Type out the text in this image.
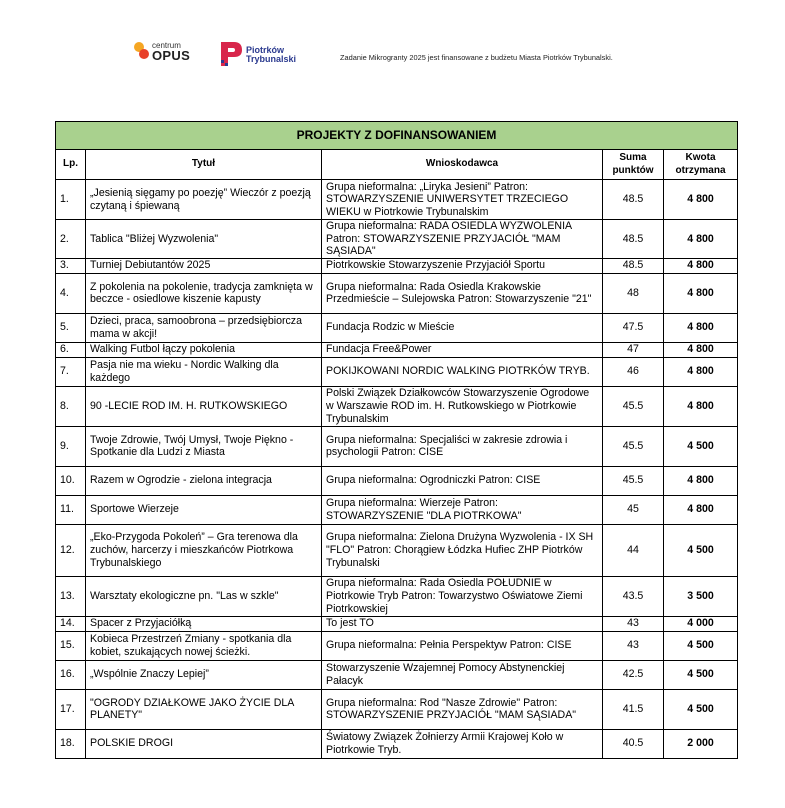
centrum
OPUS	Piotrków
Trybunalski	Zadanie Mikrogranty 2025 jest finansowane z budżetu Miasta Piotrków Trybunalski.
PROJEKTY Z DOFINANSOWANIEM				
Lp.	Tytuł	Wnioskodawca	Suma punktów	Kwota otrzymana
1.	„Jesienią sięgamy po poezję” Wieczór z poezją czytaną i śpiewaną	Grupa nieformalna: „Liryka Jesieni” Patron: STOWARZYSZENIE UNIWERSYTET TRZECIEGO WIEKU w Piotrkowie Trybunalskim	48.5	4 800
2.	Tablica "Bliżej Wyzwolenia"	Grupa nieformalna: RADA OSIEDLA WYZWOLENIA Patron: STOWARZYSZENIE PRZYJACIÓŁ "MAM SĄSIADA"	48.5	4 800
3.	Turniej Debiutantów 2025	Piotrkowskie Stowarzyszenie Przyjaciół Sportu	48.5	4 800
4.	Z pokolenia na pokolenie, tradycja zamknięta w beczce - osiedlowe kiszenie kapusty	Grupa nieformalna: Rada Osiedla Krakowskie Przedmieście – Sulejowska Patron: Stowarzyszenie "21"	48	4 800
5.	Dzieci, praca, samoobrona – przedsiębiorcza mama w akcji!	Fundacja Rodzic w Mieście	47.5	4 800
6.	Walking Futbol łączy pokolenia	Fundacja Free&Power	47	4 800
7.	Pasja nie ma wieku - Nordic Walking dla każdego	POKIJKOWANI NORDIC WALKING PIOTRKÓW TRYB.	46	4 800
8.	90 -LECIE ROD IM. H. RUTKOWSKIEGO	Polski Związek Działkowców Stowarzyszenie Ogrodowe w Warszawie ROD im. H. Rutkowskiego w Piotrkowie Trybunalskim	45.5	4 800
9.	Twoje Zdrowie, Twój Umysł, Twoje Piękno - Spotkanie dla Ludzi z Miasta	Grupa nieformalna: Specjaliści w zakresie zdrowia i psychologii Patron: CISE	45.5	4 500
10.	Razem w Ogrodzie - zielona integracja	Grupa nieformalna: Ogrodniczki Patron: CISE	45.5	4 800
11.	Sportowe Wierzeje	Grupa nieformalna: Wierzeje Patron: STOWARZYSZENIE "DLA PIOTRKOWA"	45	4 800
12.	„Eko-Przygoda Pokoleń” – Gra terenowa dla zuchów, harcerzy i mieszkańców Piotrkowa Trybunalskiego	Grupa nieformalna: Zielona Drużyna Wyzwolenia - IX SH "FLO" Patron: Chorągiew Łódzka Hufiec ZHP Piotrków Trybunalski	44	4 500
13.	Warsztaty ekologiczne pn. "Las w szkle"	Grupa nieformalna: Rada Osiedla POŁUDNIE w Piotrkowie Tryb Patron: Towarzystwo Oświatowe Ziemi Piotrkowskiej	43.5	3 500
14.	Spacer z Przyjaciółką	To jest TO	43	4 000
15.	Kobieca Przestrzeń Zmiany - spotkania dla kobiet, szukających nowej ścieżki.	Grupa nieformalna: Pełnia Perspektyw Patron: CISE	43	4 500
16.	„Wspólnie Znaczy Lepiej”	Stowarzyszenie Wzajemnej Pomocy Abstynenckiej Pałacyk	42.5	4 500
17.	"OGRODY DZIAŁKOWE JAKO ŻYCIE DLA PLANETY"	Grupa nieformalna: Rod "Nasze Zdrowie" Patron: STOWARZYSZENIE PRZYJACIÓŁ "MAM SĄSIADA"	41.5	4 500
18.	POLSKIE DROGI	Światowy Związek Żołnierzy Armii Krajowej Koło w Piotrkowie Tryb.	40.5	2 000
